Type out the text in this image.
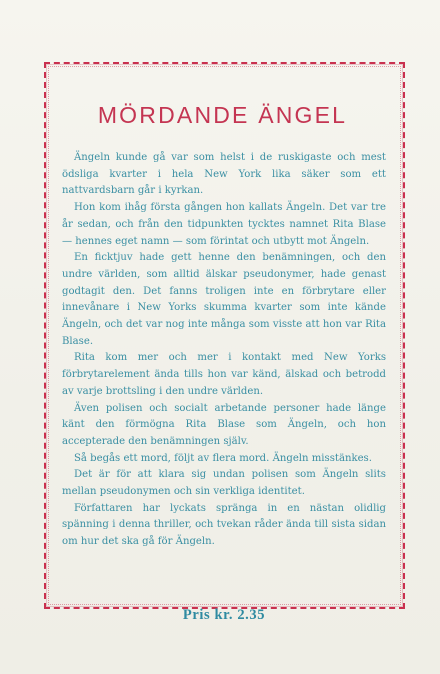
MÖRDANDE ÄNGEL

Ängeln kunde gå var som helst i de ruskigaste och mest ödsliga kvarter i hela New York lika säker som ett nattvardsbarn går i kyrkan.

Hon kom ihåg första gången hon kallats Ängeln. Det var tre år sedan, och från den tidpunkten tycktes namnet Rita Blase — hennes eget namn — som förintat och utbytt mot Ängeln.

En ficktjuv hade gett henne den benämningen, och den undre världen, som alltid älskar pseudonymer, hade genast godtagit den. Det fanns troligen inte en förbrytare eller innevånare i New Yorks skumma kvarter som inte kände Ängeln, och det var nog inte många som visste att hon var Rita Blase.

Rita kom mer och mer i kontakt med New Yorks förbrytarelement ända tills hon var känd, älskad och betrodd av varje brottsling i den undre världen.

Även polisen och socialt arbetande personer hade länge känt den förmögna Rita Blase som Ängeln, och hon accepterade den benämningen själv.

Så begås ett mord, följt av flera mord. Ängeln misstänkes.

Det är för att klara sig undan polisen som Ängeln slits mellan pseudonymen och sin verkliga identitet.

Författaren har lyckats spränga in en nästan olidlig spänning i denna thriller, och tvekan råder ända till sista sidan om hur det ska gå för Ängeln.

Pris kr. 2.35
